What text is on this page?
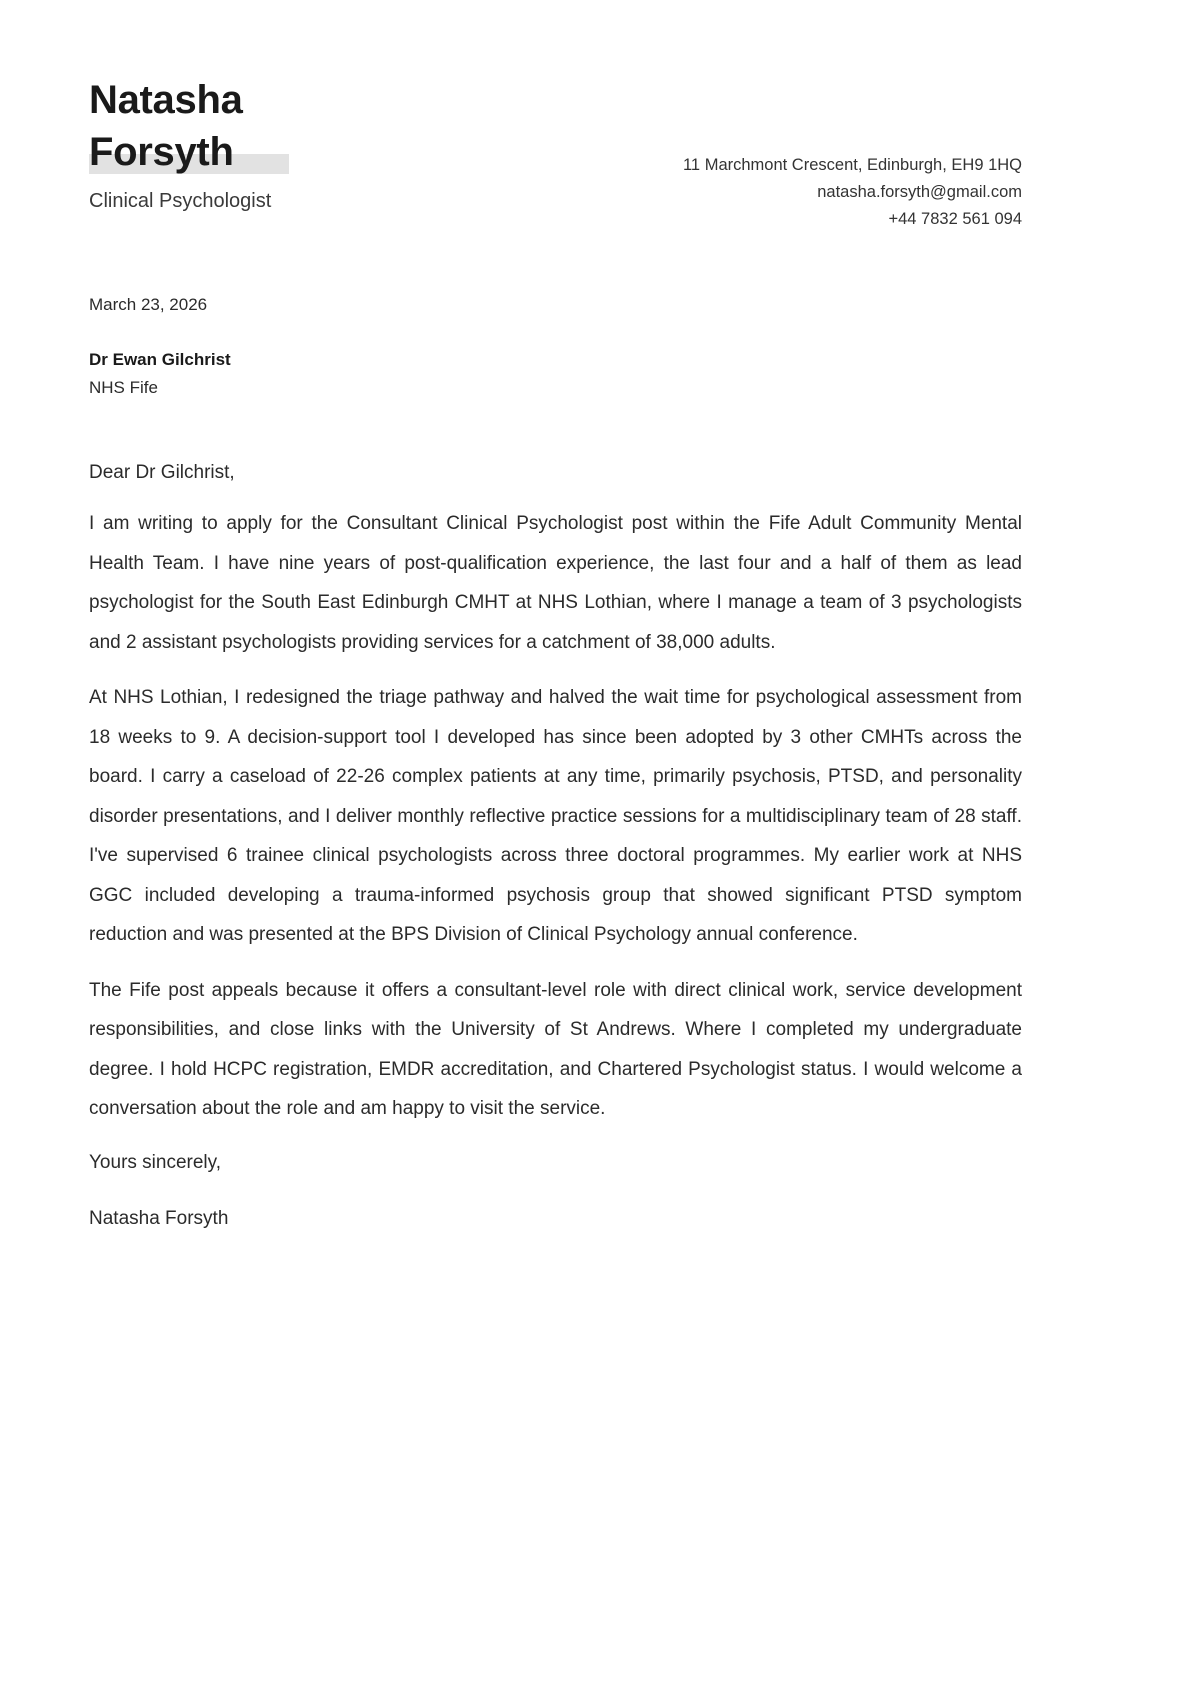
Natasha
Forsyth
Clinical Psychologist
11 Marchmont Crescent, Edinburgh, EH9 1HQ
natasha.forsyth@gmail.com
+44 7832 561 094
March 23, 2026
Dr Ewan Gilchrist
NHS Fife
Dear Dr Gilchrist,

I am writing to apply for the Consultant Clinical Psychologist post within the Fife Adult Community Mental Health Team. I have nine years of post-qualification experience, the last four and a half of them as lead psychologist for the South East Edinburgh CMHT at NHS Lothian, where I manage a team of 3 psychologists and 2 assistant psychologists providing services for a catchment of 38,000 adults.

At NHS Lothian, I redesigned the triage pathway and halved the wait time for psychological assessment from 18 weeks to 9. A decision-support tool I developed has since been adopted by 3 other CMHTs across the board. I carry a caseload of 22-26 complex patients at any time, primarily psychosis, PTSD, and personality disorder presentations, and I deliver monthly reflective practice sessions for a multidisciplinary team of 28 staff. I've supervised 6 trainee clinical psychologists across three doctoral programmes. My earlier work at NHS GGC included developing a trauma-informed psychosis group that showed significant PTSD symptom reduction and was presented at the BPS Division of Clinical Psychology annual conference.

The Fife post appeals because it offers a consultant-level role with direct clinical work, service development responsibilities, and close links with the University of St Andrews. Where I completed my undergraduate degree. I hold HCPC registration, EMDR accreditation, and Chartered Psychologist status. I would welcome a conversation about the role and am happy to visit the service.

Yours sincerely,
Natasha Forsyth
